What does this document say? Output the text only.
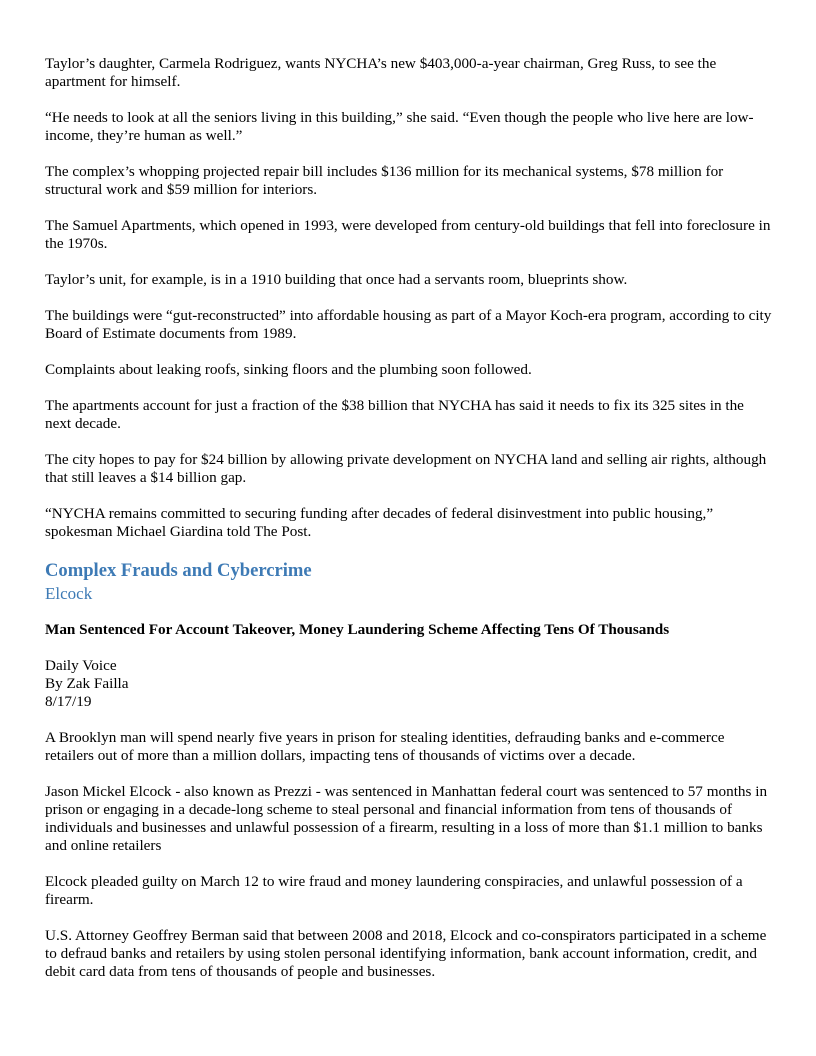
Taylor’s daughter, Carmela Rodriguez, wants NYCHA’s new $403,000-a-year chairman, Greg Russ, to see the apartment for himself.

“He needs to look at all the seniors living in this building,” she said. “Even though the people who live here are low-income, they’re human as well.”

The complex’s whopping projected repair bill includes $136 million for its mechanical systems, $78 million for structural work and $59 million for interiors.

The Samuel Apartments, which opened in 1993, were developed from century-old buildings that fell into foreclosure in the 1970s.

Taylor’s unit, for example, is in a 1910 building that once had a servants room, blueprints show.

The buildings were “gut-reconstructed” into affordable housing as part of a Mayor Koch-era program, according to city Board of Estimate documents from 1989.

Complaints about leaking roofs, sinking floors and the plumbing soon followed.

The apartments account for just a fraction of the $38 billion that NYCHA has said it needs to fix its 325 sites in the next decade.

The city hopes to pay for $24 billion by allowing private development on NYCHA land and selling air rights, although that still leaves a $14 billion gap.

“NYCHA remains committed to securing funding after decades of federal disinvestment into public housing,” spokesman Michael Giardina told The Post.

Complex Frauds and Cybercrime
Elcock

Man Sentenced For Account Takeover, Money Laundering Scheme Affecting Tens Of Thousands

Daily Voice
By Zak Failla
8/17/19

A Brooklyn man will spend nearly five years in prison for stealing identities, defrauding banks and e-commerce retailers out of more than a million dollars, impacting tens of thousands of victims over a decade.

Jason Mickel Elcock - also known as Prezzi - was sentenced in Manhattan federal court was sentenced to 57 months in prison or engaging in a decade-long scheme to steal personal and financial information from tens of thousands of individuals and businesses and unlawful possession of a firearm, resulting in a loss of more than $1.1 million to banks and online retailers

Elcock pleaded guilty on March 12 to wire fraud and money laundering conspiracies, and unlawful possession of a firearm.

U.S. Attorney Geoffrey Berman said that between 2008 and 2018, Elcock and co-conspirators participated in a scheme to defraud banks and retailers by using stolen personal identifying information, bank account information, credit, and debit card data from tens of thousands of people and businesses.
